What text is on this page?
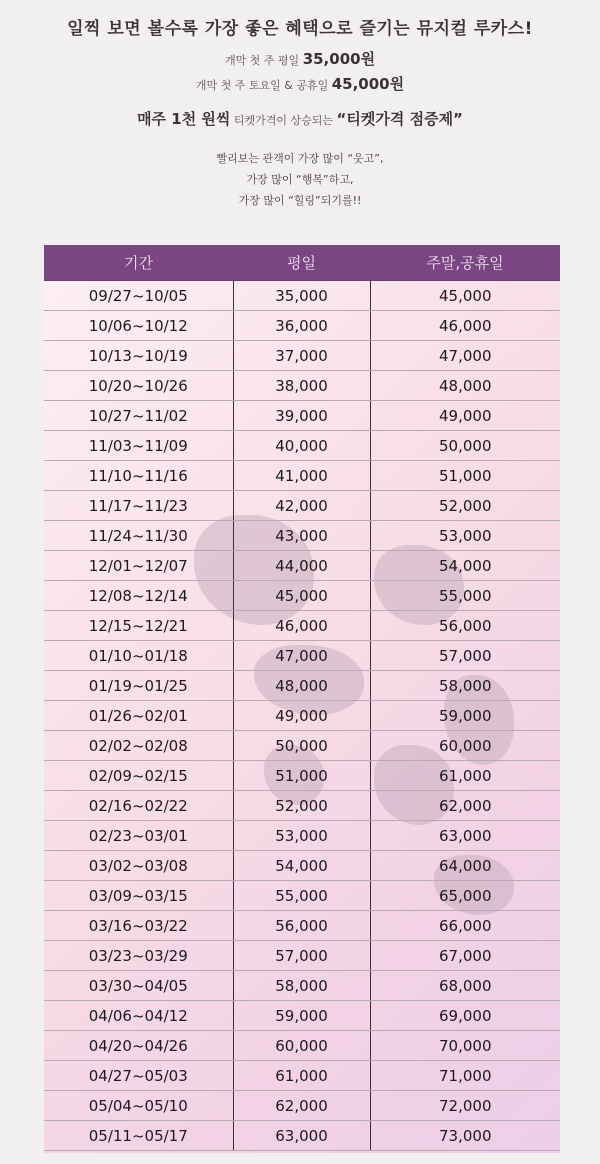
일찍 보면 볼수록 가장 좋은 혜택으로 즐기는 뮤지컬 루카스!
개막 첫 주 평일 35,000원
개막 첫 주 토요일 & 공휴일 45,000원
매주 1천 원씩 티켓가격이 상승되는 “티켓가격 점증제”
빨리보는 관객이 가장 많이 “웃고”,
가장 많이 “행복”하고,
가장 많이 “힐링”되기를!!
기간	평일	주말,공휴일
09/27~10/05	35,000	45,000
10/06~10/12	36,000	46,000
10/13~10/19	37,000	47,000
10/20~10/26	38,000	48,000
10/27~11/02	39,000	49,000
11/03~11/09	40,000	50,000
11/10~11/16	41,000	51,000
11/17~11/23	42,000	52,000
11/24~11/30	43,000	53,000
12/01~12/07	44,000	54,000
12/08~12/14	45,000	55,000
12/15~12/21	46,000	56,000
01/10~01/18	47,000	57,000
01/19~01/25	48,000	58,000
01/26~02/01	49,000	59,000
02/02~02/08	50,000	60,000
02/09~02/15	51,000	61,000
02/16~02/22	52,000	62,000
02/23~03/01	53,000	63,000
03/02~03/08	54,000	64,000
03/09~03/15	55,000	65,000
03/16~03/22	56,000	66,000
03/23~03/29	57,000	67,000
03/30~04/05	58,000	68,000
04/06~04/12	59,000	69,000
04/20~04/26	60,000	70,000
04/27~05/03	61,000	71,000
05/04~05/10	62,000	72,000
05/11~05/17	63,000	73,000
